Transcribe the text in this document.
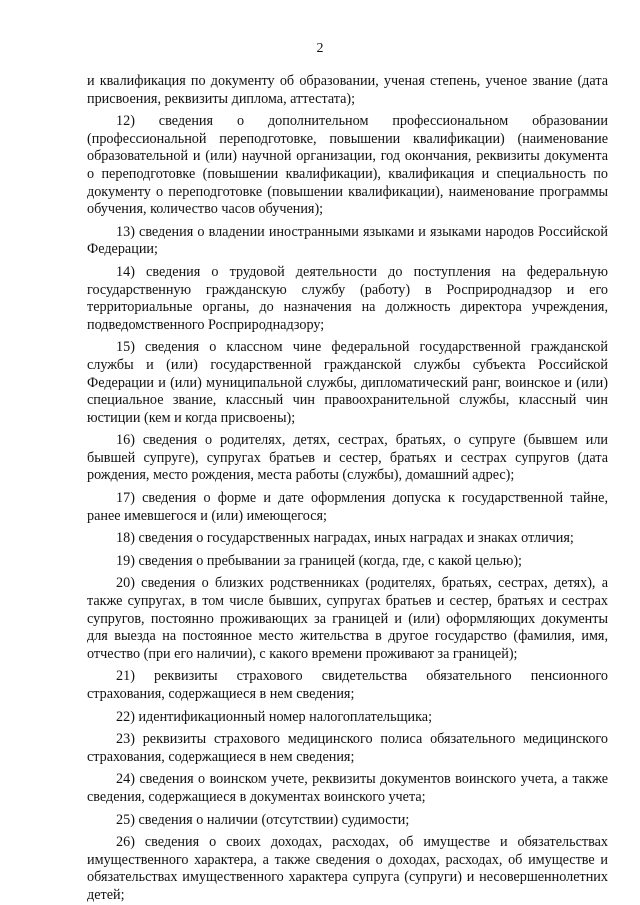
2

и квалификация по документу об образовании, ученая степень, ученое звание (дата присвоения, реквизиты диплома, аттестата);

12) сведения о дополнительном профессиональном образовании (профессиональной переподготовке, повышении квалификации) (наименование образовательной и (или) научной организации, год окончания, реквизиты документа о переподготовке (повышении квалификации), квалификация и специальность по документу о переподготовке (повышении квалификации), наименование программы обучения, количество часов обучения);

13) сведения о владении иностранными языками и языками народов Российской Федерации;

14) сведения о трудовой деятельности до поступления на федеральную государственную гражданскую службу (работу) в Росприроднадзор и его территориальные органы, до назначения на должность директора учреждения, подведомственного Росприроднадзору;

15) сведения о классном чине федеральной государственной гражданской службы и (или) государственной гражданской службы субъекта Российской Федерации и (или) муниципальной службы, дипломатический ранг, воинское и (или) специальное звание, классный чин правоохранительной службы, классный чин юстиции (кем и когда присвоены);

16) сведения о родителях, детях, сестрах, братьях, о супруге (бывшем или бывшей супруге), супругах братьев и сестер, братьях и сестрах супругов (дата рождения, место рождения, места работы (службы), домашний адрес);

17) сведения о форме и дате оформления допуска к государственной тайне, ранее имевшегося и (или) имеющегося;

18) сведения о государственных наградах, иных наградах и знаках отличия;

19) сведения о пребывании за границей (когда, где, с какой целью);

20) сведения о близких родственниках (родителях, братьях, сестрах, детях), а также супругах, в том числе бывших, супругах братьев и сестер, братьях и сестрах супругов, постоянно проживающих за границей и (или) оформляющих документы для выезда на постоянное место жительства в другое государство (фамилия, имя, отчество (при его наличии), с какого времени проживают за границей);

21) реквизиты страхового свидетельства обязательного пенсионного страхования, содержащиеся в нем сведения;

22) идентификационный номер налогоплательщика;

23) реквизиты страхового медицинского полиса обязательного медицинского страхования, содержащиеся в нем сведения;

24) сведения о воинском учете, реквизиты документов воинского учета, а также сведения, содержащиеся в документах воинского учета;

25) сведения о наличии (отсутствии) судимости;

26) сведения о своих доходах, расходах, об имуществе и обязательствах имущественного характера, а также сведения о доходах, расходах, об имуществе и обязательствах имущественного характера супруга (супруги) и несовершеннолетних детей;
